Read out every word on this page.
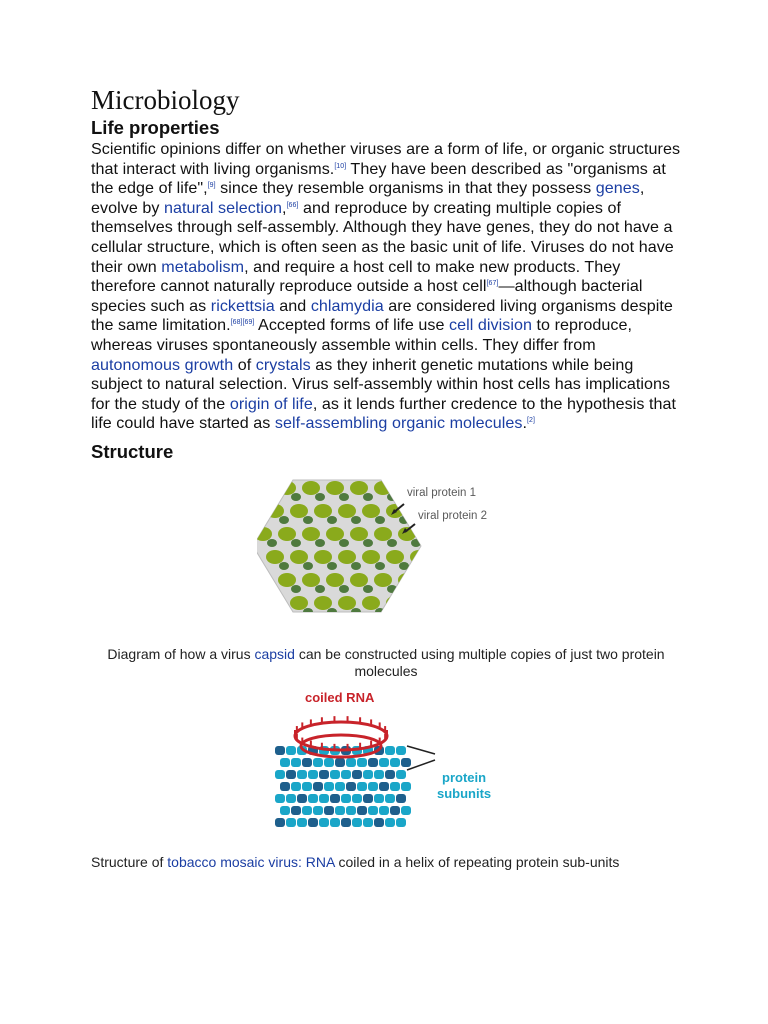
Microbiology
Life properties

Scientific opinions differ on whether viruses are a form of life, or organic structures that interact with living organisms.[10] They have been described as "organisms at the edge of life",[9] since they resemble organisms in that they possess genes, evolve by natural selection,[66] and reproduce by creating multiple copies of themselves through self-assembly. Although they have genes, they do not have a cellular structure, which is often seen as the basic unit of life. Viruses do not have their own metabolism, and require a host cell to make new products. They therefore cannot naturally reproduce outside a host cell[67]—although bacterial species such as rickettsia and chlamydia are considered living organisms despite the same limitation.[68][69] Accepted forms of life use cell division to reproduce, whereas viruses spontaneously assemble within cells. They differ from autonomous growth of crystals as they inherit genetic mutations while being subject to natural selection. Virus self-assembly within host cells has implications for the study of the origin of life, as it lends further credence to the hypothesis that life could have started as self-assembling organic molecules.[2]

Structure
viral protein 1
viral protein 2
Diagram of how a virus capsid can be constructed using multiple copies of just two protein molecules
coiled RNA
protein
subunits
Structure of tobacco mosaic virus: RNA coiled in a helix of repeating protein sub-units
